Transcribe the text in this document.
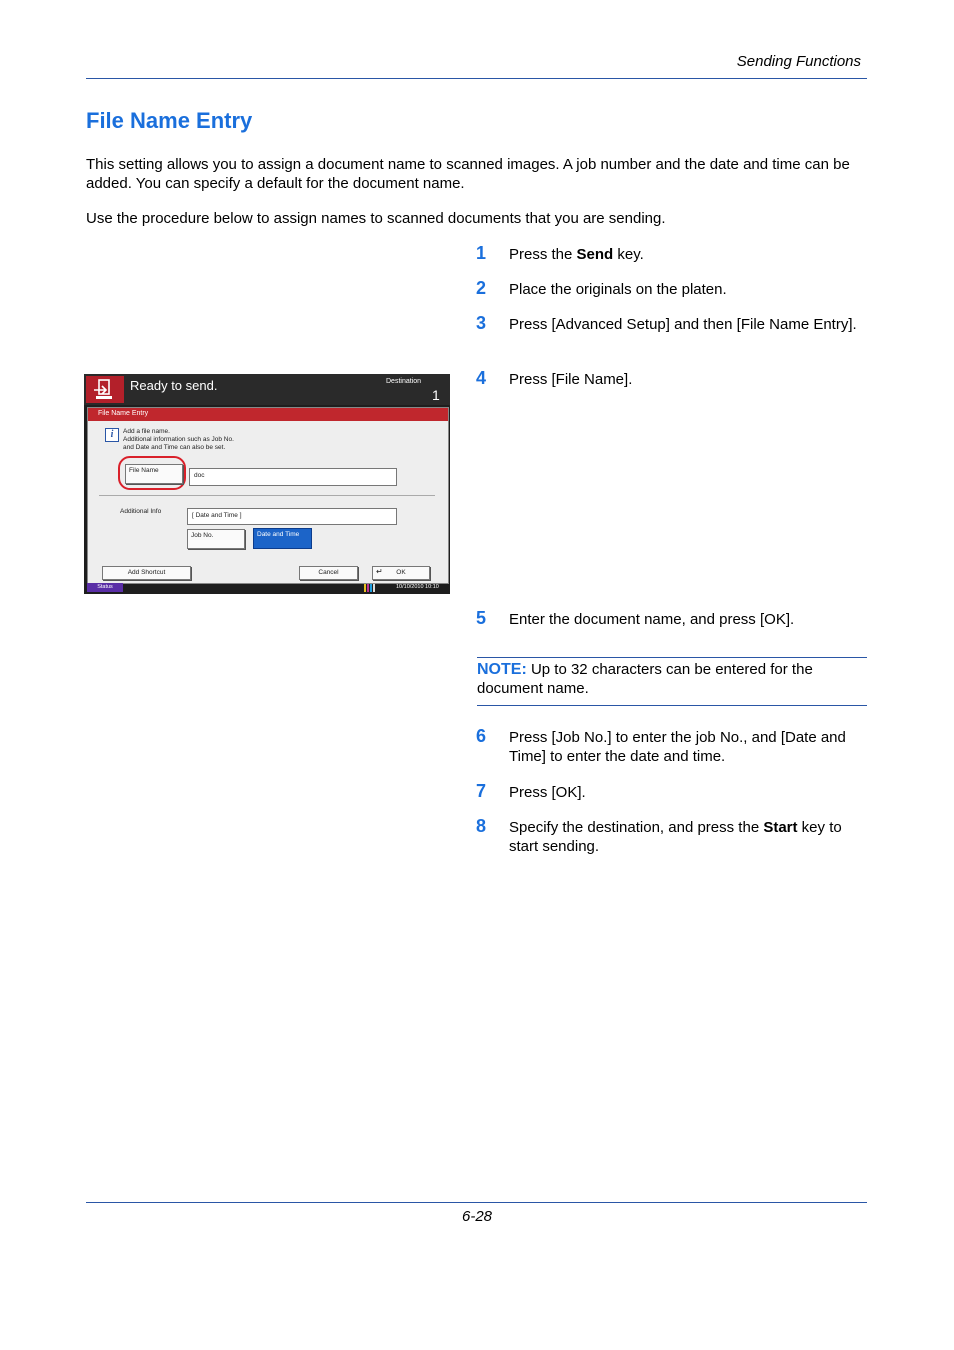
Sending Functions
File Name Entry
This setting allows you to assign a document name to scanned images. A job number and the date and time can be added. You can specify a default for the document name.
Use the procedure below to assign names to scanned documents that you are sending.
1 Press the Send key.
2 Place the originals on the platen.
3 Press [Advanced Setup] and then [File Name Entry].
4 Press [File Name].
5 Enter the document name, and press [OK].
6 Press [Job No.] to enter the job No., and [Date and Time] to enter the date and time.
7 Press [OK].
8 Specify the destination, and press the Start key to start sending.
NOTE: Up to 32 characters can be entered for the document name.
Ready to send.	Destination
1
File Name Entry
i	Add a file name.
Additional information such as Job No.
and Date and Time can also be set.
File Name
doc
Additional Info
[ Date and Time ]
Job No.	Date and Time
Add Shortcut	Cancel	↵ OK
Status	10/10/2010 10:10
6-28
